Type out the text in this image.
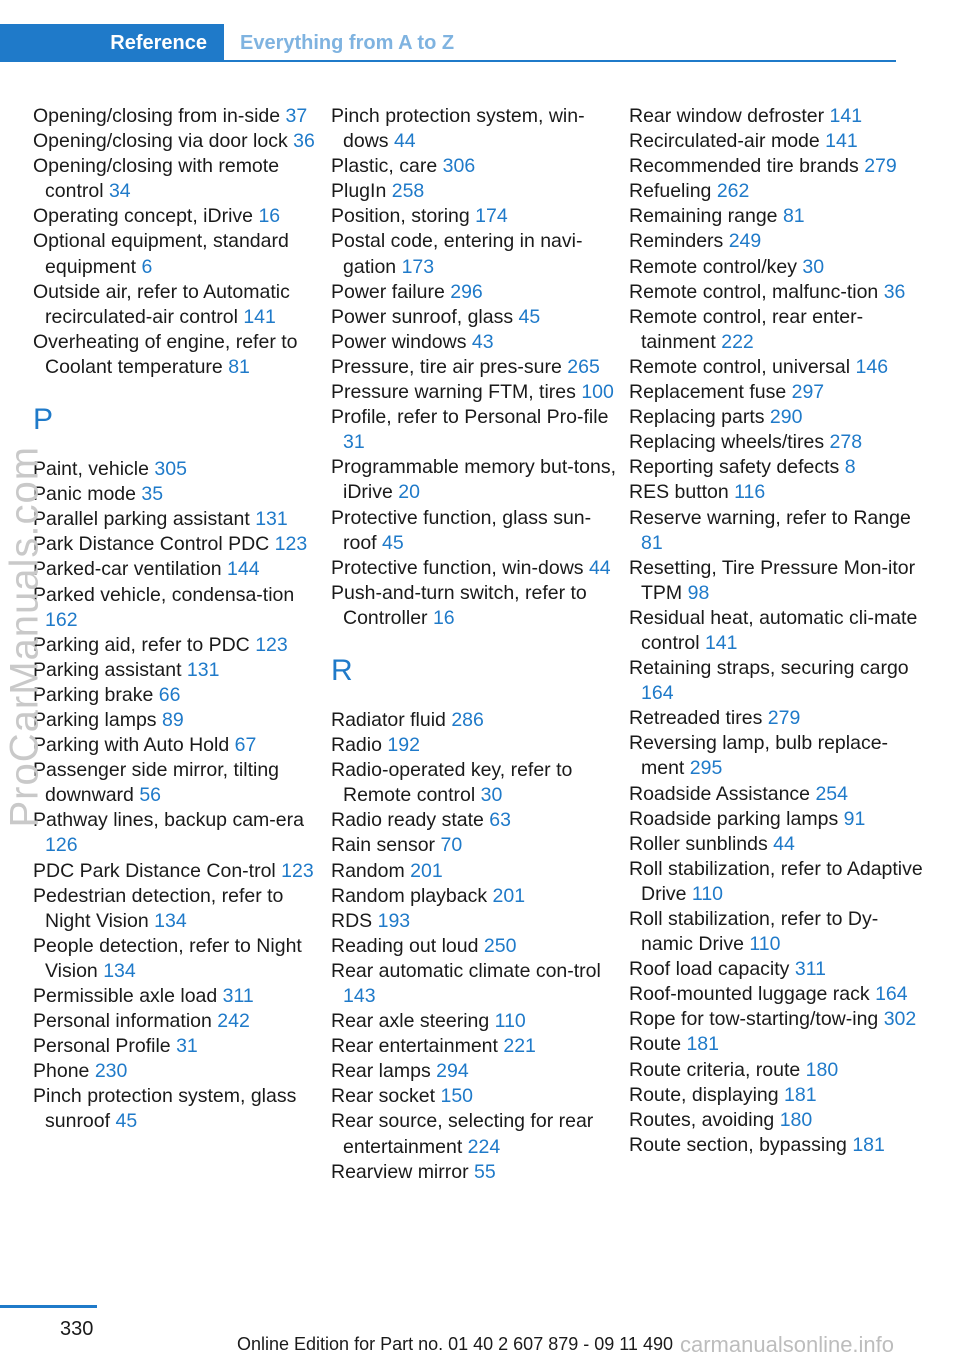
Reference	Everything from A to Z
Opening/closing from in‐side 37
Opening/closing via door lock 36
Opening/closing with remote control 34
Operating concept, iDrive 16
Optional equipment, standard equipment 6
Outside air, refer to Automatic recirculated-air control 141
Overheating of engine, refer to Coolant temperature 81
P
Paint, vehicle 305
Panic mode 35
Parallel parking assistant 131
Park Distance Control PDC 123
Parked-car ventilation 144
Parked vehicle, condensa‐tion 162
Parking aid, refer to PDC 123
Parking assistant 131
Parking brake 66
Parking lamps 89
Parking with Auto Hold 67
Passenger side mirror, tilting downward 56
Pathway lines, backup cam‐era 126
PDC Park Distance Con‐trol 123
Pedestrian detection, refer to Night Vision 134
People detection, refer to Night Vision 134
Permissible axle load 311
Personal information 242
Personal Profile 31
Phone 230
Pinch protection system, glass sunroof 45
Pinch protection system, win‐dows 44
Plastic, care 306
PlugIn 258
Position, storing 174
Postal code, entering in navi‐gation 173
Power failure 296
Power sunroof, glass 45
Power windows 43
Pressure, tire air pres‐sure 265
Pressure warning FTM, tires 100
Profile, refer to Personal Pro‐file 31
Programmable memory but‐tons, iDrive 20
Protective function, glass sun‐roof 45
Protective function, win‐dows 44
Push-and-turn switch, refer to Controller 16
R
Radiator fluid 286
Radio 192
Radio-operated key, refer to Remote control 30
Radio ready state 63
Rain sensor 70
Random 201
Random playback 201
RDS 193
Reading out loud 250
Rear automatic climate con‐trol 143
Rear axle steering 110
Rear entertainment 221
Rear lamps 294
Rear socket 150
Rear source, selecting for rear entertainment 224
Rearview mirror 55
Rear window defroster 141
Recirculated-air mode 141
Recommended tire brands 279
Refueling 262
Remaining range 81
Reminders 249
Remote control/key 30
Remote control, malfunc‐tion 36
Remote control, rear enter‐tainment 222
Remote control, universal 146
Replacement fuse 297
Replacing parts 290
Replacing wheels/tires 278
Reporting safety defects 8
RES button 116
Reserve warning, refer to Range 81
Resetting, Tire Pressure Mon‐itor TPM 98
Residual heat, automatic cli‐mate control 141
Retaining straps, securing cargo 164
Retreaded tires 279
Reversing lamp, bulb replace‐ment 295
Roadside Assistance 254
Roadside parking lamps 91
Roller sunblinds 44
Roll stabilization, refer to Adaptive Drive 110
Roll stabilization, refer to Dy‐namic Drive 110
Roof load capacity 311
Roof-mounted luggage rack 164
Rope for tow-starting/tow‐ing 302
Route 181
Route criteria, route 180
Route, displaying 181
Routes, avoiding 180
Route section, bypassing 181
ProCarManuals.com
330
Online Edition for Part no. 01 40 2 607 879 - 09 11 490 carmanualsonline.info
